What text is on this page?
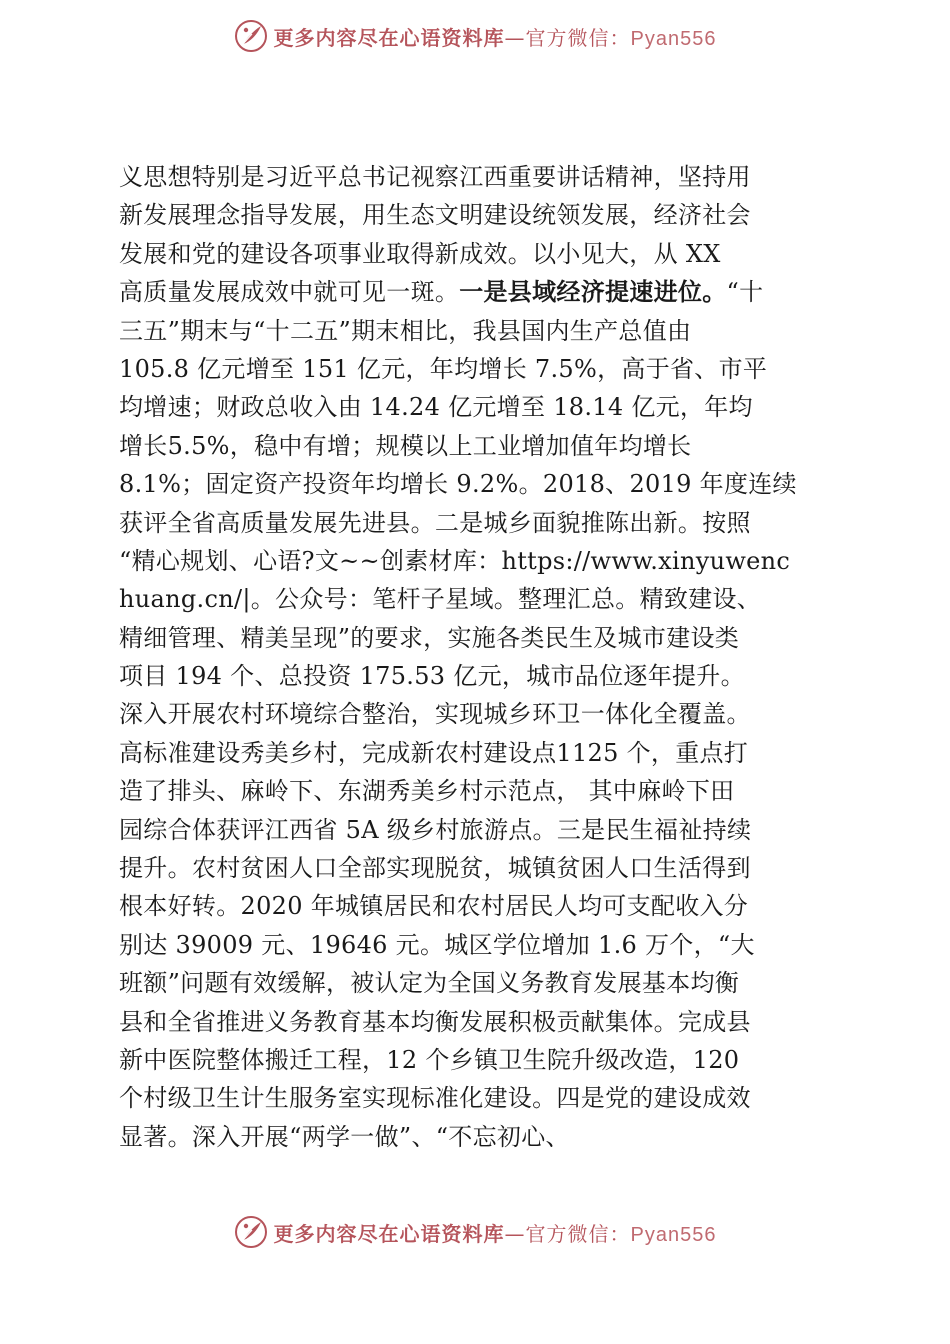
更多内容尽在心语资料库—官方微信：Pyan556
义思想特别是习近平总书记视察江西重要讲话精神，坚持用
新发展理念指导发展，用生态文明建设统领发展，经济社会
发展和党的建设各项事业取得新成效。以小见大，从 XX
高质量发展成效中就可见一斑。一是县域经济提速进位。“十
三五”期末与“十二五”期末相比，我县国内生产总值由
105.8 亿元增至 151 亿元，年均增长 7.5%，高于省、市平
均增速；财政总收入由 14.24 亿元增至 18.14 亿元，年均
增长5.5%，稳中有增；规模以上工业增加值年均增长
8.1%；固定资产投资年均增长 9.2%。2018、2019 年度连续
获评全省高质量发展先进县。二是城乡面貌推陈出新。按照
“精心规划、心语?文~~创素材库：https://www.xinyuwenc
huang.cn/|。公众号：笔杆子星域。整理汇总。精致建设、
精细管理、精美呈现”的要求，实施各类民生及城市建设类
项目 194 个、总投资 175.53 亿元，城市品位逐年提升。
深入开展农村环境综合整治，实现城乡环卫一体化全覆盖。
高标准建设秀美乡村，完成新农村建设点1125 个，重点打
造了排头、麻岭下、东湖秀美乡村示范点， 其中麻岭下田
园综合体获评江西省 5A 级乡村旅游点。三是民生福祉持续
提升。农村贫困人口全部实现脱贫，城镇贫困人口生活得到
根本好转。2020 年城镇居民和农村居民人均可支配收入分
别达 39009 元、19646 元。城区学位增加 1.6 万个，“大
班额”问题有效缓解，被认定为全国义务教育发展基本均衡
县和全省推进义务教育基本均衡发展积极贡献集体。完成县
新中医院整体搬迁工程，12 个乡镇卫生院升级改造，120
个村级卫生计生服务室实现标准化建设。四是党的建设成效
显著。深入开展“两学一做”、“不忘初心、
更多内容尽在心语资料库—官方微信：Pyan556
